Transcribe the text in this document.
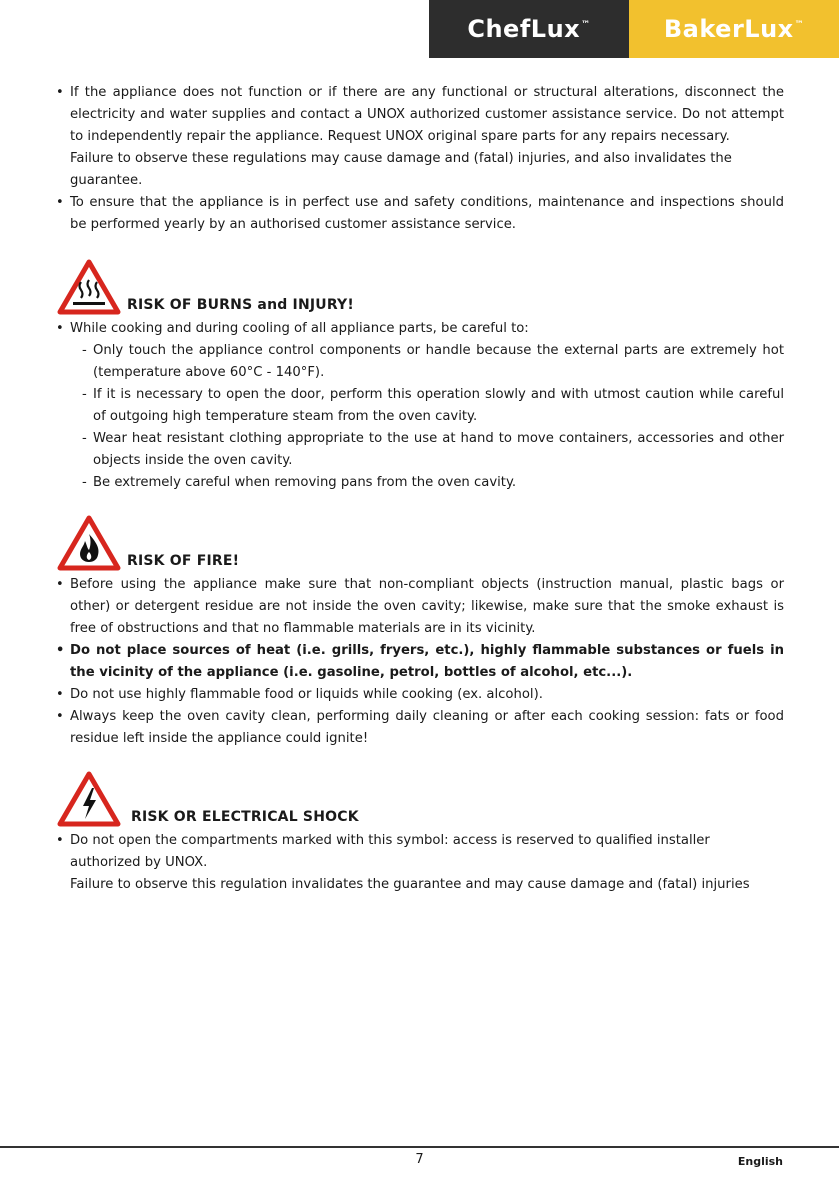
ChefLux ™	BakerLux ™

• If the appliance does not function or if there are any functional or structural alterations, disconnect the electricity and water supplies and contact a UNOX authorized customer assistance service. Do not attempt to independently repair the appliance. Request UNOX original spare parts for any repairs necessary.

Failure to observe these regulations may cause damage and (fatal) injuries, and also invalidates the guarantee.

• To ensure that the appliance is in perfect use and safety conditions, maintenance and inspections should be performed yearly by an authorised customer assistance service.

RISK OF BURNS and INJURY!

• While cooking and during cooling of all appliance parts, be careful to:

- Only touch the appliance control components or handle because the external parts are extremely hot (temperature above 60°C - 140°F).
- If it is necessary to open the door, perform this operation slowly and with utmost caution while careful of outgoing high temperature steam from the oven cavity.
- Wear heat resistant clothing appropriate to the use at hand to move containers, accessories and other objects inside the oven cavity.
- Be extremely careful when removing pans from the oven cavity.
RISK OF FIRE!

• Before using the appliance make sure that non-compliant objects (instruction manual, plastic bags or other) or detergent residue are not inside the oven cavity; likewise, make sure that the smoke exhaust is free of obstructions and that no flammable materials are in its vicinity.

• Do not place sources of heat (i.e. grills, fryers, etc.), highly flammable substances or fuels in the vicinity of the appliance (i.e. gasoline, petrol, bottles of alcohol, etc...).

• Do not use highly flammable food or liquids while cooking (ex. alcohol).

• Always keep the oven cavity clean, performing daily cleaning or after each cooking session: fats or food residue left inside the appliance could ignite!

RISK OR ELECTRICAL SHOCK

• Do not open the compartments marked with this symbol: access is reserved to qualified installer authorized by UNOX.

Failure to observe this regulation invalidates the guarantee and may cause damage and (fatal) injuries

7	English
